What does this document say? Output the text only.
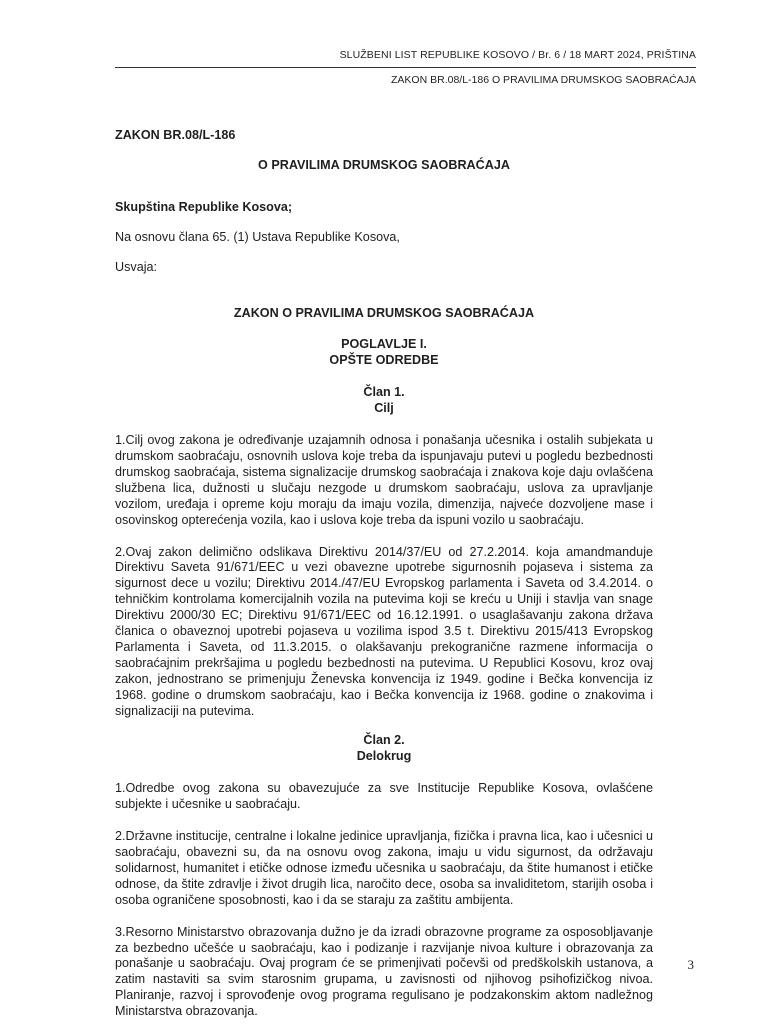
SLUŽBENI LIST REPUBLIKE KOSOVO / Br. 6 / 18 MART 2024, PRIŠTINA
ZAKON BR.08/L-186 O PRAVILIMA DRUMSKOG SAOBRAĆAJA

ZAKON BR.08/L-186

O PRAVILIMA DRUMSKOG SAOBRAĆAJA

Skupština Republike Kosova;

Na osnovu člana 65. (1) Ustava Republike Kosova,

Usvaja:

ZAKON O PRAVILIMA DRUMSKOG SAOBRAĆAJA

POGLAVLJE I.

OPŠTE ODREDBE

Član 1.

Cilj

1.Cilj ovog zakona je određivanje uzajamnih odnosa i ponašanja učesnika i ostalih subjekata u drumskom saobraćaju, osnovnih uslova koje treba da ispunjavaju putevi u pogledu bezbednosti drumskog saobraćaja, sistema signalizacije drumskog saobraćaja i znakova koje daju ovlašćena službena lica, dužnosti u slučaju nezgode u drumskom saobraćaju, uslova za upravljanje vozilom, uređaja i opreme koju moraju da imaju vozila, dimenzija, najveće dozvoljene mase i osovinskog opterećenja vozila, kao i uslova koje treba da ispuni vozilo u saobraćaju.

2.Ovaj zakon delimično odslikava Direktivu 2014/37/EU od 27.2.2014. koja amandmanduje Direktivu Saveta 91/671/EEC u vezi obavezne upotrebe sigurnosnih pojaseva i sistema za sigurnost dece u vozilu; Direktivu 2014./47/EU Evropskog parlamenta i Saveta od 3.4.2014. o tehničkim kontrolama komercijalnih vozila na putevima koji se kreću u Uniji i stavlja van snage Direktivu 2000/30 EC; Direktivu 91/671/EEC od 16.12.1991. o usaglašavanju zakona država članica o obaveznoj upotrebi pojaseva u vozilima ispod 3.5 t. Direktivu 2015/413 Evropskog Parlamenta i Saveta, od 11.3.2015. o olakšavanju prekogranične razmene informacija o saobraćajnim prekršajima u pogledu bezbednosti na putevima. U Republici Kosovu, kroz ovaj zakon, jednostrano se primenjuju Ženevska konvencija iz 1949. godine i Bečka konvencija iz 1968. godine o drumskom saobraćaju, kao i Bečka konvencija iz 1968. godine o znakovima i signalizaciji na putevima.

Član 2.

Delokrug

1.Odredbe ovog zakona su obavezujuće za sve Institucije Republike Kosova, ovlašćene subjekte i učesnike u saobraćaju.

2.Državne institucije, centralne i lokalne jedinice upravljanja, fizička i pravna lica, kao i učesnici u saobraćaju, obavezni su, da na osnovu ovog zakona, imaju u vidu sigurnost, da održavaju solidarnost, humanitet i etičke odnose između učesnika u saobraćaju, da štite humanost i etičke odnose, da štite zdravlje i život drugih lica, naročito dece, osoba sa invaliditetom, starijih osoba i osoba ograničene sposobnosti, kao i da se staraju za zaštitu ambijenta.

3.Resorno Ministarstvo obrazovanja dužno je da izradi obrazovne programe za osposobljavanje za bezbedno učešće u saobraćaju, kao i podizanje i razvijanje nivoa kulture i obrazovanja za ponašanje u saobraćaju. Ovaj program će se primenjivati počevši od predškolskih ustanova, a zatim nastaviti sa svim starosnim grupama, u zavisnosti od njihovog psihofizičkog nivoa. Planiranje, razvoj i sprovođenje ovog programa regulisano je podzakonskim aktom nadležnog Ministarstva obrazovanja.

3
